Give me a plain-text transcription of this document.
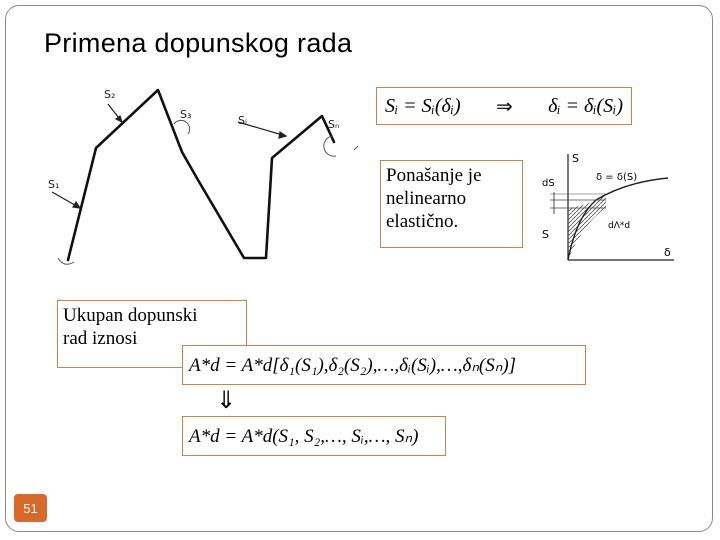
Primena dopunskog rada
S₁
S₂
S₃	Sᵢ	Sₙ
Sᵢ = Sᵢ(δᵢ) ⇒ δᵢ = δᵢ(Sᵢ)
Ponašanje je
nelinearno
elastično.
S
δ = δ(S)
dS
S
dΛ*d
δ
Ukupan dopunski
rad iznosi
A*d = A*d[δ₁(S₁),δ₂(S₂),…,δᵢ(Sᵢ),…,δₙ(Sₙ)]
⇓
A*d = A*d(S₁, S₂,…, Sᵢ,…, Sₙ)
51
